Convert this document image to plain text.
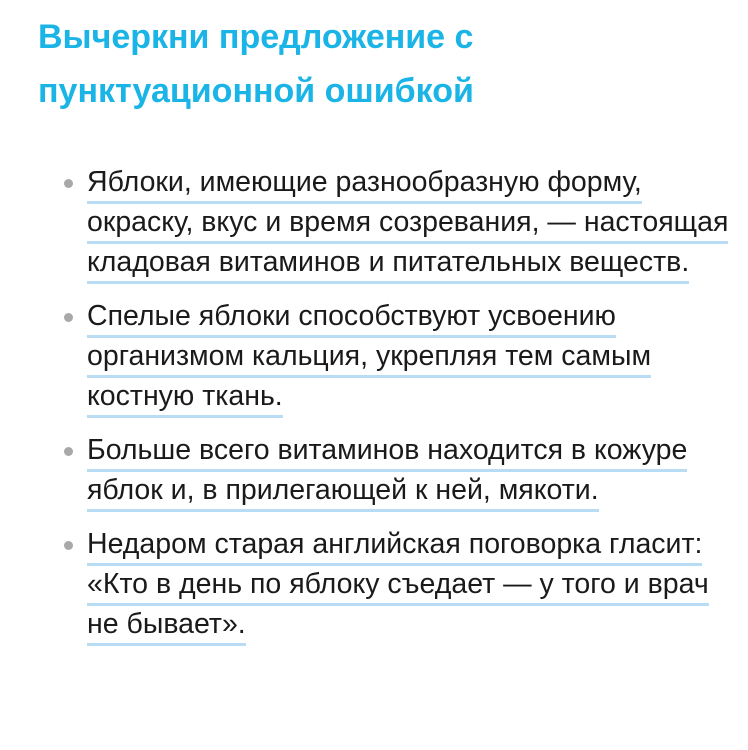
Вычеркни предложение с пунктуационной ошибкой
Яблоки, имеющие разнообразную форму, окраску, вкус и время созревания, — настоящая кладовая витаминов и питательных веществ.
Спелые яблоки способствуют усвоению организмом кальция, укрепляя тем самым костную ткань.
Больше всего витаминов находится в кожуре яблок и, в прилегающей к ней, мякоти.
Недаром старая английская поговорка гласит: «Кто в день по яблоку съедает — у того и врач не бывает».
